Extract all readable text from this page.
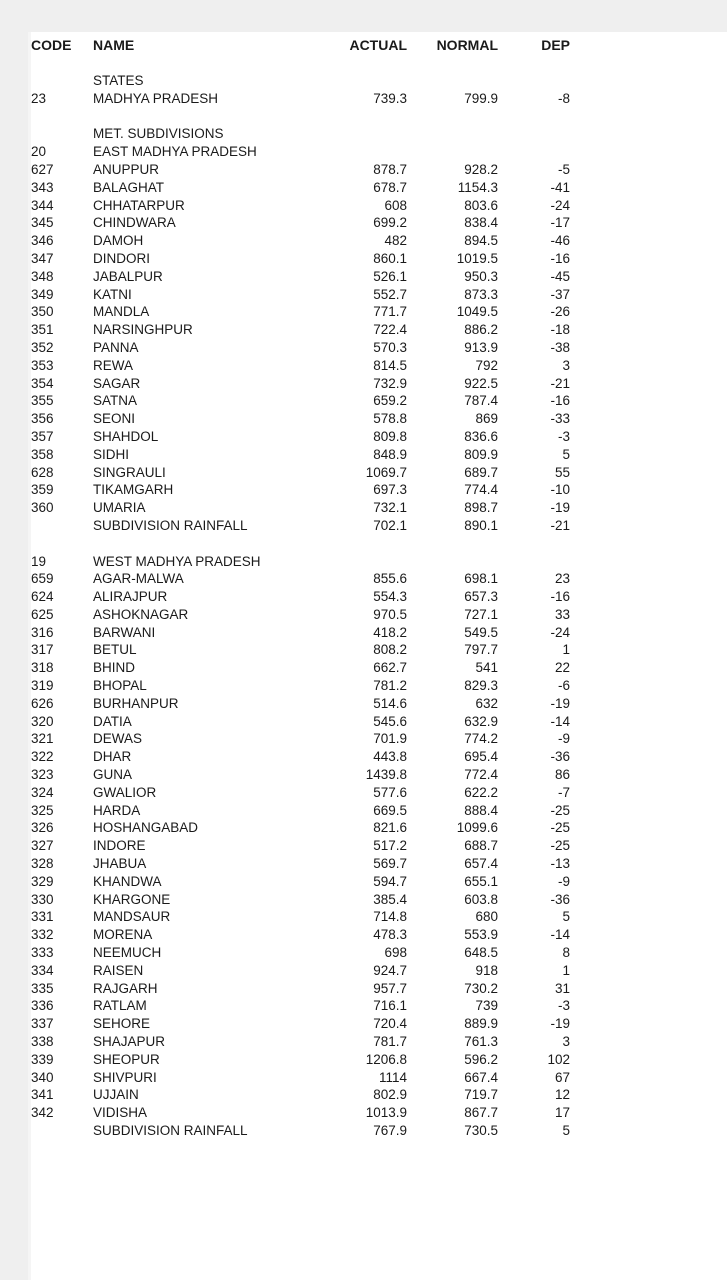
CODE	NAME	ACTUAL	NORMAL	DEP

	STATES			
23	MADHYA PRADESH	739.3	799.9	-8

	MET. SUBDIVISIONS			
20	EAST MADHYA PRADESH			
627	ANUPPUR	878.7	928.2	-5
343	BALAGHAT	678.7	1154.3	-41
344	CHHATARPUR	608	803.6	-24
345	CHINDWARA	699.2	838.4	-17
346	DAMOH	482	894.5	-46
347	DINDORI	860.1	1019.5	-16
348	JABALPUR	526.1	950.3	-45
349	KATNI	552.7	873.3	-37
350	MANDLA	771.7	1049.5	-26
351	NARSINGHPUR	722.4	886.2	-18
352	PANNA	570.3	913.9	-38
353	REWA	814.5	792	3
354	SAGAR	732.9	922.5	-21
355	SATNA	659.2	787.4	-16
356	SEONI	578.8	869	-33
357	SHAHDOL	809.8	836.6	-3
358	SIDHI	848.9	809.9	5
628	SINGRAULI	1069.7	689.7	55
359	TIKAMGARH	697.3	774.4	-10
360	UMARIA	732.1	898.7	-19
	SUBDIVISION RAINFALL	702.1	890.1	-21

19	WEST MADHYA PRADESH			
659	AGAR-MALWA	855.6	698.1	23
624	ALIRAJPUR	554.3	657.3	-16
625	ASHOKNAGAR	970.5	727.1	33
316	BARWANI	418.2	549.5	-24
317	BETUL	808.2	797.7	1
318	BHIND	662.7	541	22
319	BHOPAL	781.2	829.3	-6
626	BURHANPUR	514.6	632	-19
320	DATIA	545.6	632.9	-14
321	DEWAS	701.9	774.2	-9
322	DHAR	443.8	695.4	-36
323	GUNA	1439.8	772.4	86
324	GWALIOR	577.6	622.2	-7
325	HARDA	669.5	888.4	-25
326	HOSHANGABAD	821.6	1099.6	-25
327	INDORE	517.2	688.7	-25
328	JHABUA	569.7	657.4	-13
329	KHANDWA	594.7	655.1	-9
330	KHARGONE	385.4	603.8	-36
331	MANDSAUR	714.8	680	5
332	MORENA	478.3	553.9	-14
333	NEEMUCH	698	648.5	8
334	RAISEN	924.7	918	1
335	RAJGARH	957.7	730.2	31
336	RATLAM	716.1	739	-3
337	SEHORE	720.4	889.9	-19
338	SHAJAPUR	781.7	761.3	3
339	SHEOPUR	1206.8	596.2	102
340	SHIVPURI	1114	667.4	67
341	UJJAIN	802.9	719.7	12
342	VIDISHA	1013.9	867.7	17
	SUBDIVISION RAINFALL	767.9	730.5	5
